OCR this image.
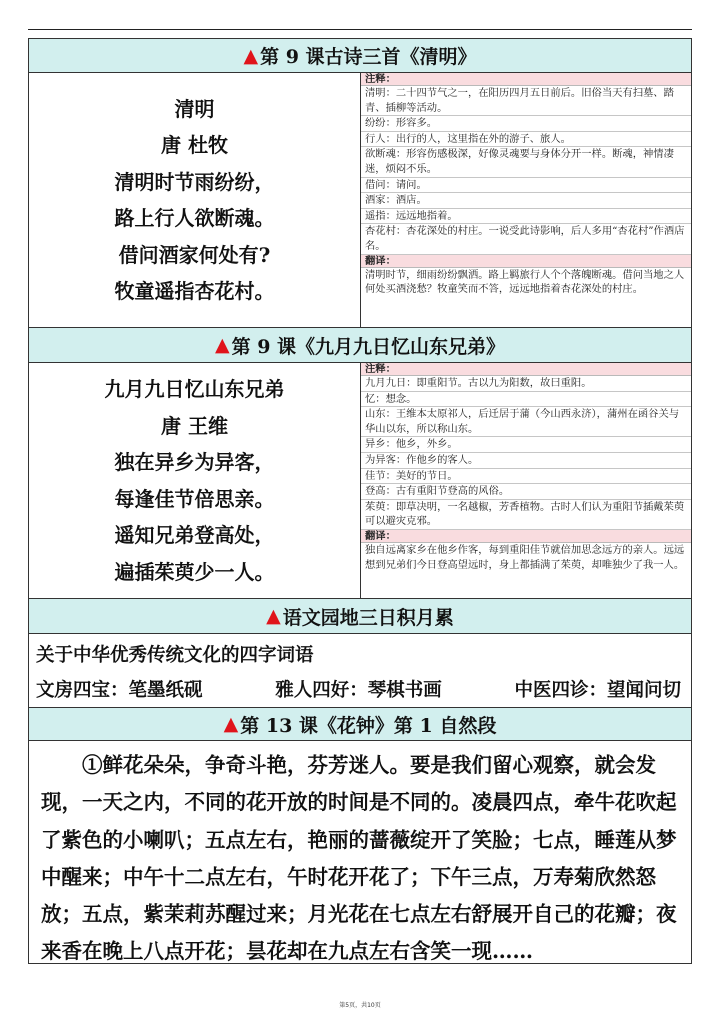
▲ 第 9 课古诗三首《清明》
清明
唐 杜牧
清明时节雨纷纷，
路上行人欲断魂。
借问酒家何处有?
牧童遥指杏花村。
注释：
清明：二十四节气之一，在阳历四月五日前后。旧俗当天有扫墓、踏青、插柳等活动。
纷纷：形容多。
行人：出行的人，这里指在外的游子、旅人。
欲断魂：形容伤感极深，好像灵魂要与身体分开一样。断魂，神情凄迷，烦闷不乐。
借问：请问。
酒家：酒店。
遥指：远远地指着。
杏花村：杏花深处的村庄。一说受此诗影响，后人多用“杏花村”作酒店名。
翻译：
清明时节，细雨纷纷飘洒。路上羁旅行人个个落魄断魂。借问当地之人何处买酒浇愁？牧童笑而不答，远远地指着杏花深处的村庄。
▲ 第 9 课《九月九日忆山东兄弟》
九月九日忆山东兄弟
唐 王维
独在异乡为异客，
每逢佳节倍思亲。
遥知兄弟登高处，
遍插茱萸少一人。
注释：
九月九日：即重阳节。古以九为阳数，故曰重阳。
忆：想念。
山东：王维本太原祁人，后迁居于蒲（今山西永济），蒲州在函谷关与华山以东，所以称山东。
异乡：他乡，外乡。
为异客：作他乡的客人。
佳节：美好的节日。
登高：古有重阳节登高的风俗。
茱萸：即草决明，一名越椒，芳香植物。古时人们认为重阳节插戴茱萸可以避灾克邪。
翻译：
独自远离家乡在他乡作客，每到重阳佳节就倍加思念远方的亲人。远远想到兄弟们今日登高望远时，身上都插满了茱萸，却唯独少了我一人。
▲ 语文园地三日积月累
关于中华优秀传统文化的四字词语
文房四宝：笔墨纸砚	雅人四好：琴棋书画	中医四诊：望闻问切
▲ 第 13 课《花钟》第 1 自然段
①鲜花朵朵，争奇斗艳，芬芳迷人。要是我们留心观察，就会发现，一天之内，不同的花开放的时间是不同的。凌晨四点，牵牛花吹起了紫色的小喇叭；五点左右，艳丽的蔷薇绽开了笑脸；七点，睡莲从梦中醒来；中午十二点左右，午时花开花了；下午三点，万寿菊欣然怒放；五点，紫茉莉苏醒过来；月光花在七点左右舒展开自己的花瓣；夜来香在晚上八点开花；昙花却在九点左右含笑一现……
第5页，共10页
